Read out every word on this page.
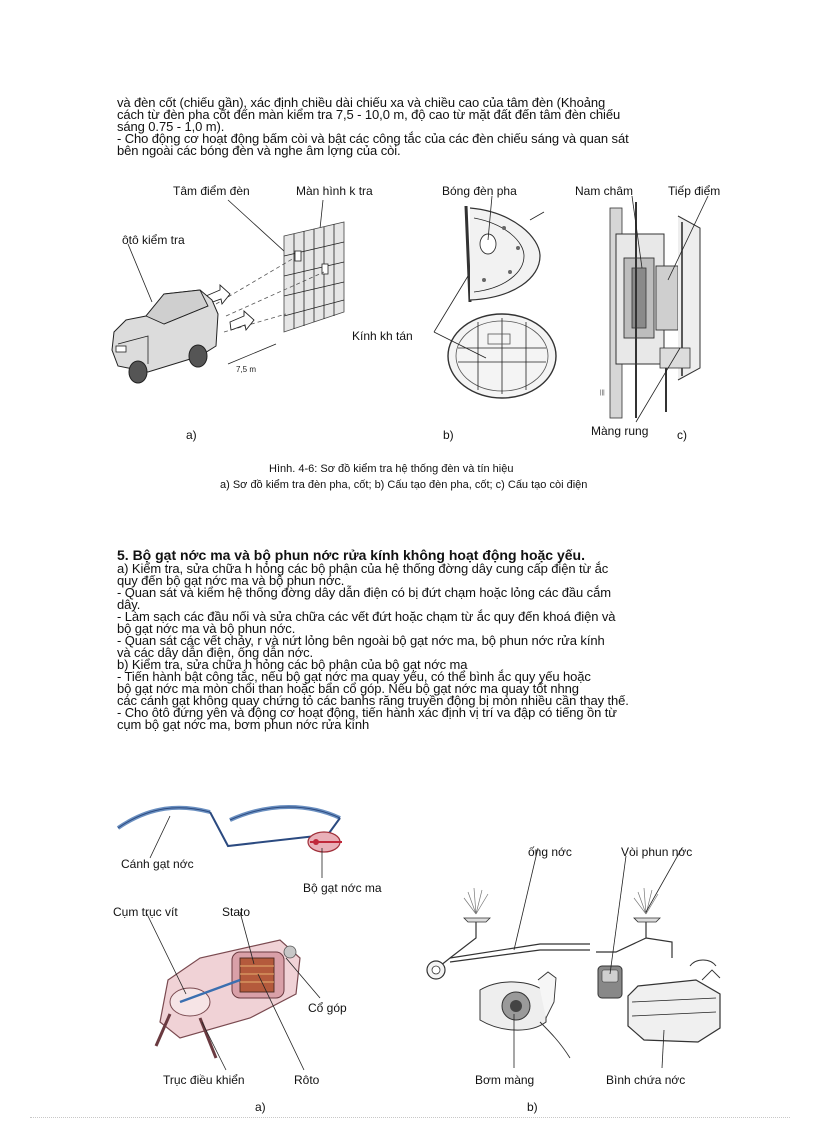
và đèn cốt (chiếu gần), xác định chiều dài chiếu xa và chiều cao của tâm đèn (Khoảng
cách từ đèn pha cốt đến màn kiểm tra 7,5 - 10,0 m, độ cao từ mặt đất đến tâm đèn chiếu
sáng 0.75 - 1,0 m).
- Cho động cơ hoạt động bấm còi và bật các công tắc của các đèn chiếu sáng và quan sát
bên ngoài các bóng đèn và nghe âm lợng của còi.
Tâm điểm đèn	Màn hình k tra
ôtô kiểm tra
7,5 m
a)
Bóng đèn pha
Kính kh tán
b)
Nam châm	Tiếp điểm
|||
Màng rung c)
Hình. 4-6: Sơ đồ kiểm tra hệ thống đèn và tín hiệu
a) Sơ đồ kiểm tra đèn pha, cốt; b) Cấu tạo đèn pha, cốt; c) Cấu tạo còi điện
5. Bộ gạt nớc ma và bộ phun nớc rửa kính không hoạt động hoặc yếu.
a) Kiểm tra, sửa chữa h hỏng các bộ phận của hệ thống đờng dây cung cấp điện từ ắc
quy đến bộ gạt nớc ma và bộ phun nớc.
- Quan sát và kiểm hệ thống đờng dây dẫn điện có bị đứt chạm hoặc lỏng các đầu cắm
dây.
- Làm sạch các đầu nối và sửa chữa các vết đứt hoặc chạm từ ắc quy đến khoá điện và
bộ gạt nớc ma và bộ phun nớc.
- Quan sát các vết chảy, r và nứt lỏng bên ngoài bộ gạt nớc ma, bộ phun nớc rửa kính
và các dây dẫn điện, ống dẫn nớc.
b) Kiểm tra, sửa chữa h hỏng các bộ phận của bộ gạt nớc ma
- Tiến hành bật công tắc, nếu bộ gạt nớc ma quay yếu, có thể bình ắc quy yếu hoặc
bộ gạt nớc ma mòn chổi than hoặc bẩn cổ góp. Nếu bộ gạt nớc ma quay tốt nhng
các cánh gạt không quay chứng tỏ các banhs răng truyền động bị mòn nhiều cần thay thế.
- Cho ôtô đứng yên và động cơ hoạt động, tiến hành xác định vị trí va đập có tiếng ồn từ
cụm bộ gạt nớc ma, bơm phun nớc rửa kính
Cánh gạt nớc
Bộ gạt nớc ma
Cụm trục vít	Stato
Cổ góp
Trục điều khiển	Rôto
a)
ống nớc	Vòi phun nớc
Bơm màng	Bình chứa nớc
b)
